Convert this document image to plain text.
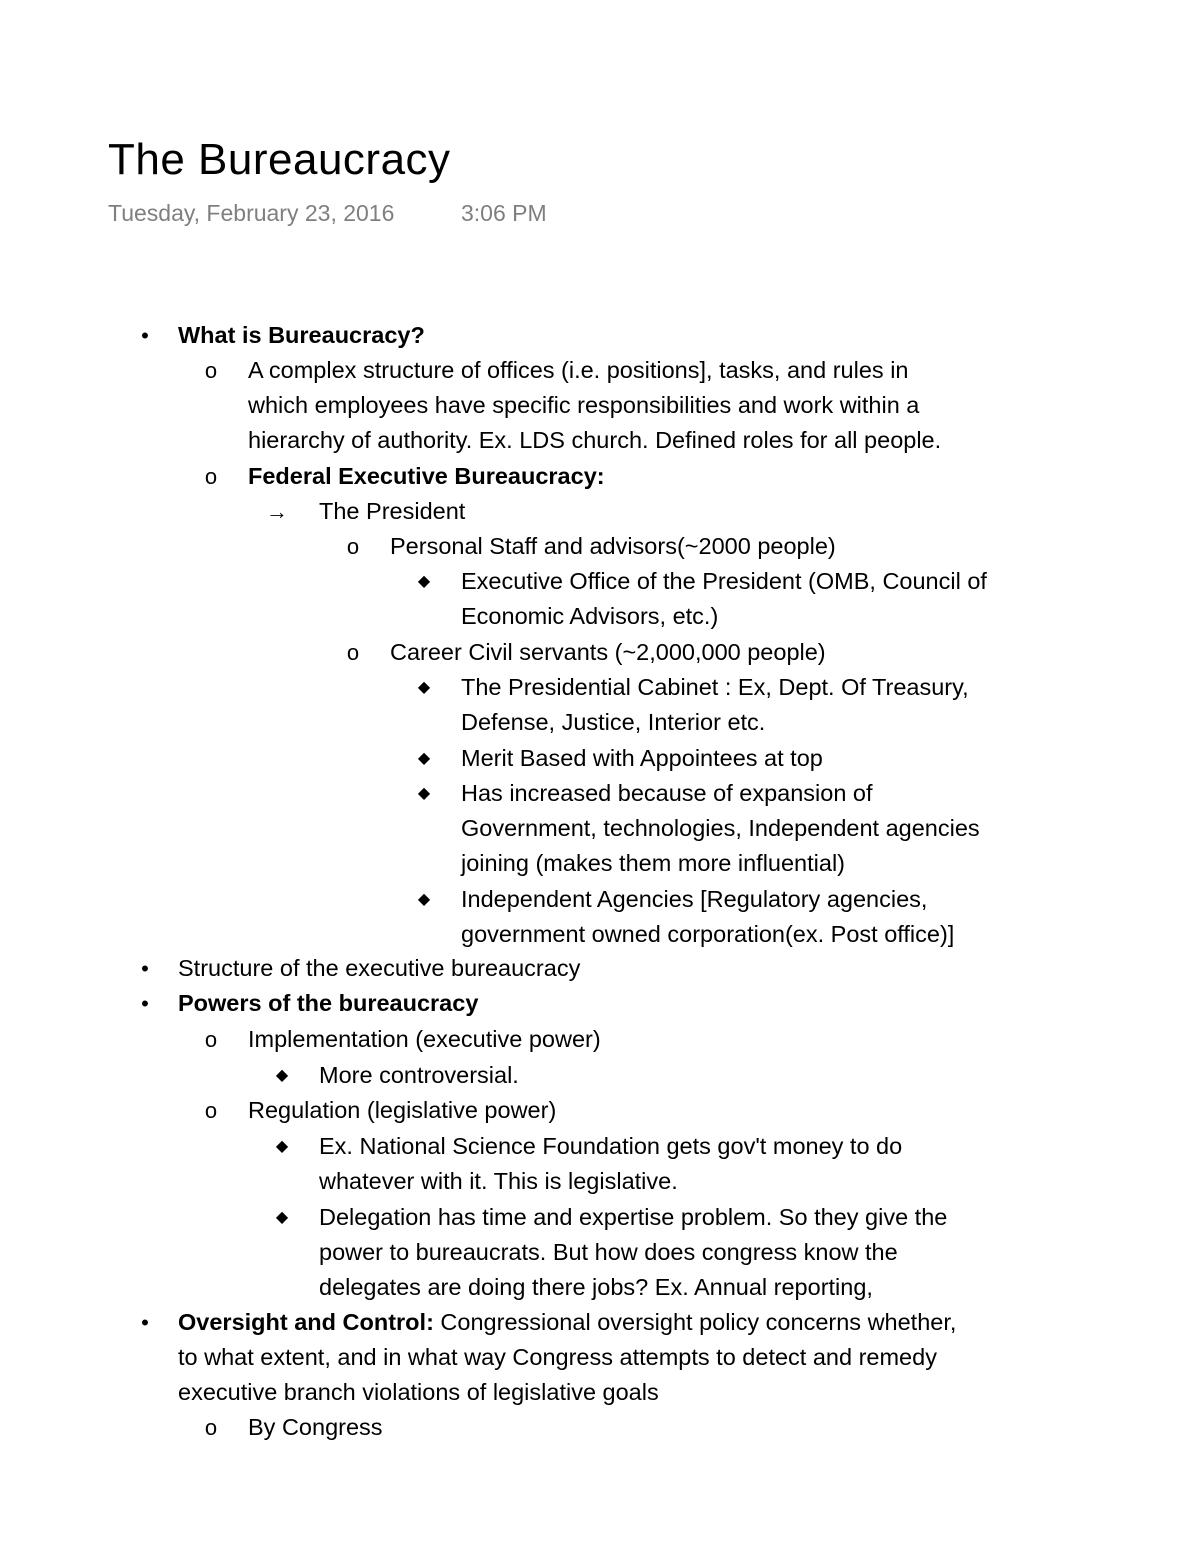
The Bureaucracy
Tuesday, February 23, 2016	3:06 PM
• What is Bureaucracy?
o A complex structure of offices (i.e. positions], tasks, and rules in
which employees have specific responsibilities and work within a
hierarchy of authority. Ex. LDS church. Defined roles for all people.
o Federal Executive Bureaucracy:
→ The President
o Personal Staff and advisors(~2000 people)
◆ Executive Office of the President (OMB, Council of
Economic Advisors, etc.)
o Career Civil servants (~2,000,000 people)
◆ The Presidential Cabinet : Ex, Dept. Of Treasury,
Defense, Justice, Interior etc.
◆ Merit Based with Appointees at top
◆ Has increased because of expansion of
Government, technologies, Independent agencies
joining (makes them more influential)
◆ Independent Agencies [Regulatory agencies,
government owned corporation(ex. Post office)]
• Structure of the executive bureaucracy
• Powers of the bureaucracy
o Implementation (executive power)
◆ More controversial.
o Regulation (legislative power)
◆ Ex. National Science Foundation gets gov't money to do
whatever with it. This is legislative.
◆ Delegation has time and expertise problem. So they give the
power to bureaucrats. But how does congress know the
delegates are doing there jobs? Ex. Annual reporting,
• Oversight and Control: Congressional oversight policy concerns whether,
to what extent, and in what way Congress attempts to detect and remedy
executive branch violations of legislative goals
o By Congress
